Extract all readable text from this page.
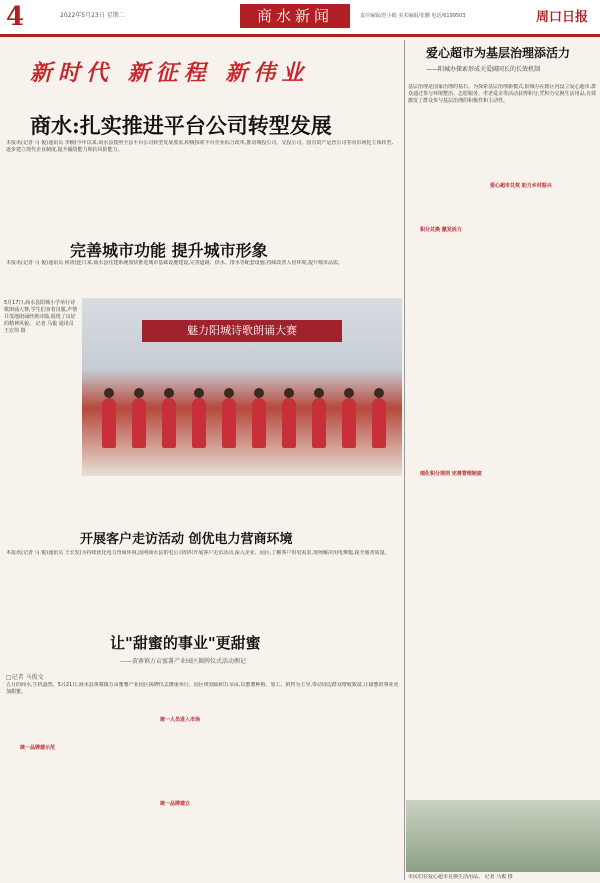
4	2022年5月23日 星期二	商水新闻	责任编辑/范小鹤 美术编辑/张鹏 电话/6199503	周口日报
新时代 新征程 新伟业
商水:扎实推进平台公司转型发展
本报讯(记者 马 俊)通讯员 李楠)今年以来,商水县按照全县平台公司转型发展要求,积极探索平台企业综合改革,推动城投公司、交投公司、国有资产运营公司等向市场化主体转型,逐步建立现代企业制度,提升融资能力和抗风险能力。
完善城市功能 提升城市形象
本报讯(记者 马 俊)通讯员 何涛)连日来,商水县住建系统加快推进城市基础设施建设,完善道路、供水、排水等配套设施,持续改善人居环境,提升城市品质。
5月17日,商水县阳城小学举行诗歌朗诵大赛,学生们身着汉服,声情并茂地朗诵经典诗篇,展现了良好的精神风貌。 记者 马俊 通讯员 王宏伟 摄	魅力阳城诗歌朗诵大赛
开展客户走访活动 创优电力营商环境
本报讯(记者 马 俊)通讯员 王长发)为持续优化电力营商环境,国网商水县供电公司组织开展客户走访活动,深入企业、园区,了解客户用电需求,现场解决用电难题,提升服务质量。
让"甜蜜的事业"更甜蜜
——黄寨镇万亩蜜薯产业园区揭牌仪式活动侧记
□记者 马俊文
统一品牌建示范
统一人员进入市场
统一品牌建立
五月的商水,生机盎然。5月21日,商水县黄寨镇万亩蜜薯产业园区揭牌仪式隆重举行。园区规划面积万余亩,以蜜薯种植、加工、销售为主导,带动周边群众增收致富,让甜蜜的事业更加甜蜜。
爱心超市为基层治理添活力
——阳城办探索形成关爱阔同长的长效机制
爱心超市兑奖 助力乡村振兴
积分兑换 激发活力
细化积分规则 完善管理制度
基层治理是国家治理的基石。为探索基层治理新模式,阳城办在辖区内设立爱心超市,群众通过参与环境整治、志愿服务、孝老爱亲等活动获得积分,凭积分兑换生活用品,有效激发了群众参与基层治理的积极性和主动性。
市民们在爱心超市兑换生活用品。 记者 马俊 摄
